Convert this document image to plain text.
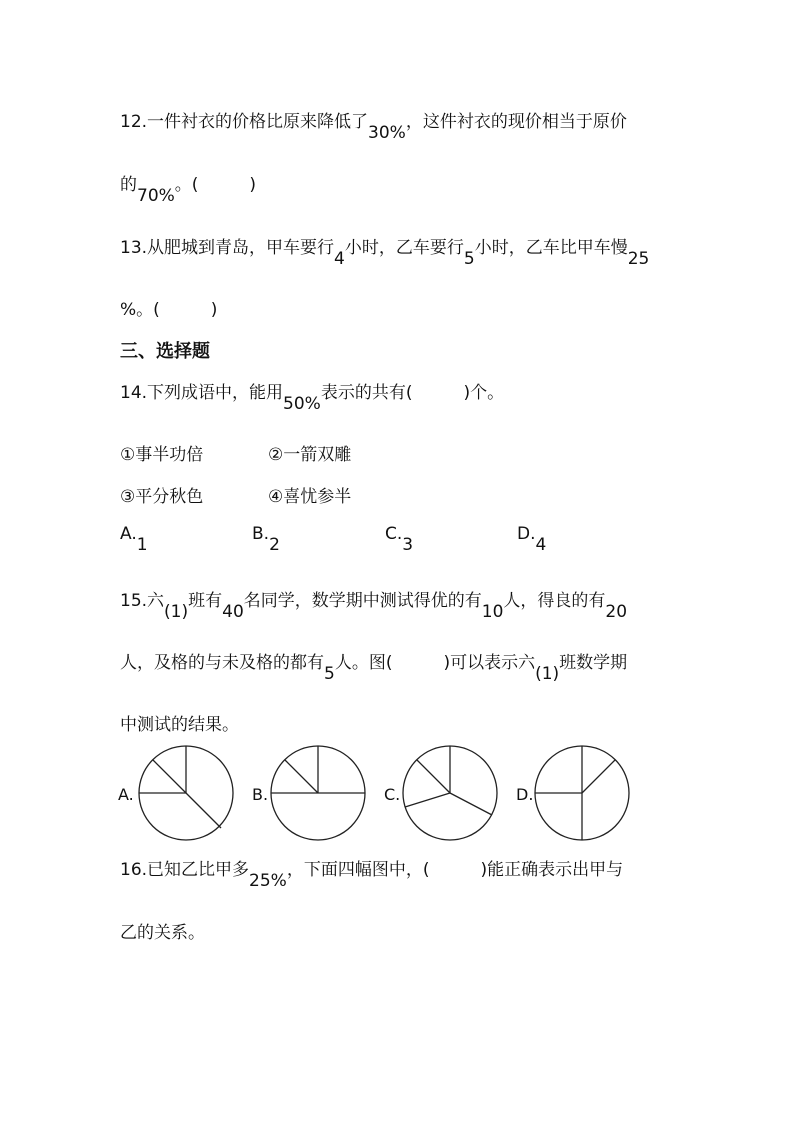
12.一件衬衣的价格比原来降低了30%，这件衬衣的现价相当于原价
的70%。(　　　)
13.从肥城到青岛，甲车要行4小时，乙车要行5小时，乙车比甲车慢25
%。(　　　)
三、选择题
14.下列成语中，能用50%表示的共有(　　　)个。
①事半功倍	②一箭双雕
③平分秋色	④喜忧参半
A.1
B.2
C.3
D.4
15.六(1)班有40名同学，数学期中测试得优的有10人，得良的有20
人，及格的与未及格的都有5人。图(　　　)可以表示六(1)班数学期
中测试的结果。
A.	B.	C.	D.
16.已知乙比甲多25%，下面四幅图中，(　　　)能正确表示出甲与
乙的关系。
